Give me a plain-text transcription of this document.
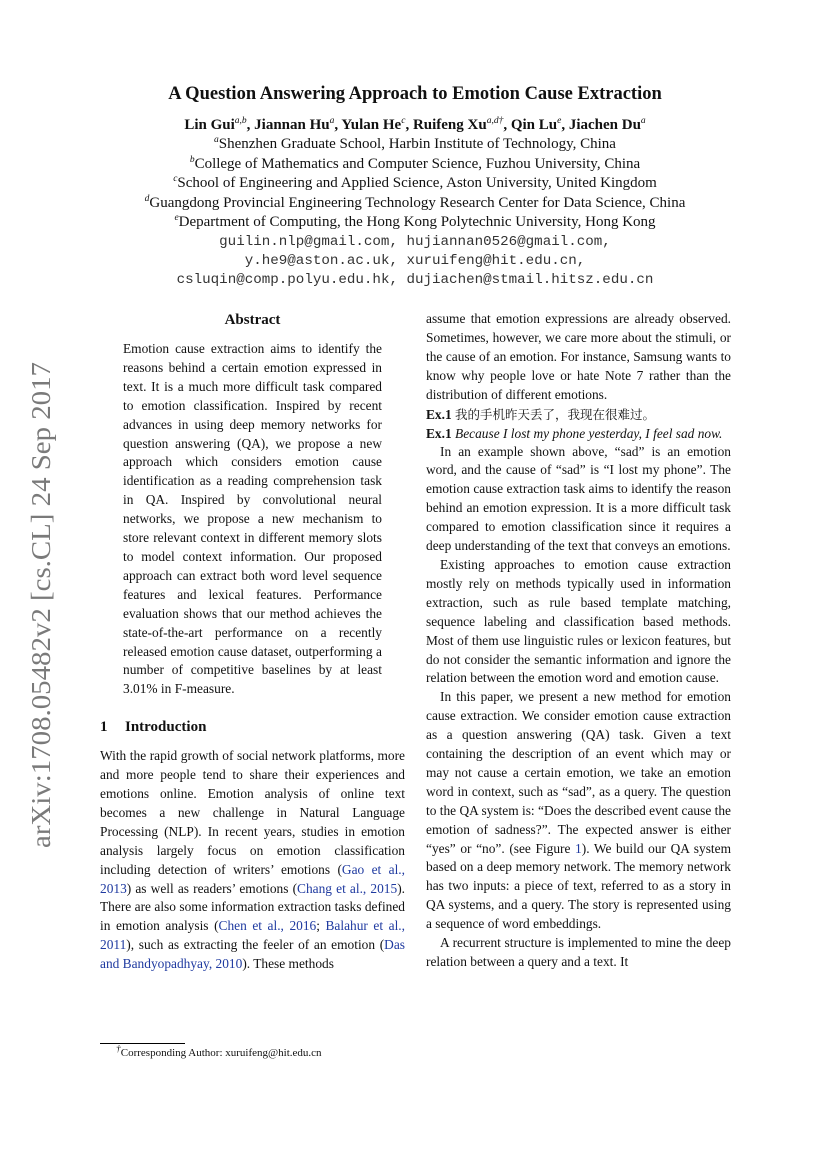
arXiv:1708.05482v2 [cs.CL] 24 Sep 2017
A Question Answering Approach to Emotion Cause Extraction

Lin Gui$^{a,b}$, Jiannan Hu$^a$, Yulan He$^c$, Ruifeng $Xu^{a,d\dagger}$, Qin Lu$^e$, Jiachen Du$^a$

$^a$Shenzhen Graduate School, Harbin Institute of Technology, China

$^b$College of Mathematics and Computer Science, Fuzhou University, China

$^c$School of Engineering and Applied Science, Aston University, United Kingdom

$^d$Guangdong Provincial Engineering Technology Research Center for Data Science, China

$^e$Department of Computing, the Hong Kong Polytechnic University, Hong Kong

guilin.nlp@gmail.com, hujiannan0526@gmail.com,

y.he9@aston.ac.uk, xuruifeng@hit.edu.cn,

csluqin@comp.polyu.edu.hk, dujiachen@stmail.hitsz.edu.cn

Abstract

Emotion cause extraction aims to identify the reasons behind a certain emotion expressed in text. It is a much more difficult task compared to emotion classification. Inspired by recent advances in using deep memory networks for question answering (QA), we propose a new approach which considers emotion cause identification as a reading comprehension task in QA. Inspired by convolutional neural networks, we propose a new mechanism to store relevant context in different memory slots to model context information. Our proposed approach can extract both word level sequence features and lexical features. Performance evaluation shows that our method achieves the state-of-the-art performance on a recently released emotion cause dataset, outperforming a number of competitive baselines by at least 3.01% in F-measure.

1 Introduction

With the rapid growth of social network platforms, more and more people tend to share their experiences and emotions online. Emotion analysis of online text becomes a new challenge in Natural Language Processing (NLP). In recent years, studies in emotion analysis largely focus on emotion classification including detection of writers’ emotions (Gao et al., 2013) as well as readers’ emotions (Chang et al., 2015). There are also some information extraction tasks defined in emotion analysis (Chen et al., 2016; Balahur et al., 2011), such as extracting the feeler of an emotion (Das and Bandyopadhyay, 2010). These methods

assume that emotion expressions are already observed. Sometimes, however, we care more about the stimuli, or the cause of an emotion. For instance, Samsung wants to know why people love or hate Note 7 rather than the distribution of different emotions.

Ex.1 我的手机昨天丢了，我现在很难过。

Ex.1 Because I lost my phone yesterday, I feel sad now.

In an example shown above, “sad” is an emotion word, and the cause of “sad” is “I lost my phone”. The emotion cause extraction task aims to identify the reason behind an emotion expression. It is a more difficult task compared to emotion classification since it requires a deep understanding of the text that conveys an emotions.

Existing approaches to emotion cause extraction mostly rely on methods typically used in information extraction, such as rule based template matching, sequence labeling and classification based methods. Most of them use linguistic rules or lexicon features, but do not consider the semantic information and ignore the relation between the emotion word and emotion cause.

In this paper, we present a new method for emotion cause extraction. We consider emotion cause extraction as a question answering (QA) task. Given a text containing the description of an event which may or may not cause a certain emotion, we take an emotion word in context, such as “sad”, as a query. The question to the QA system is: “Does the described event cause the emotion of sadness?”. The expected answer is either “yes” or “no”. (see Figure 1). We build our QA system based on a deep memory network. The memory network has two inputs: a piece of text, referred to as a story in QA systems, and a query. The story is represented using a sequence of word embeddings.

A recurrent structure is implemented to mine the deep relation between a query and a text. It

†Corresponding Author: xuruifeng@hit.edu.cn
